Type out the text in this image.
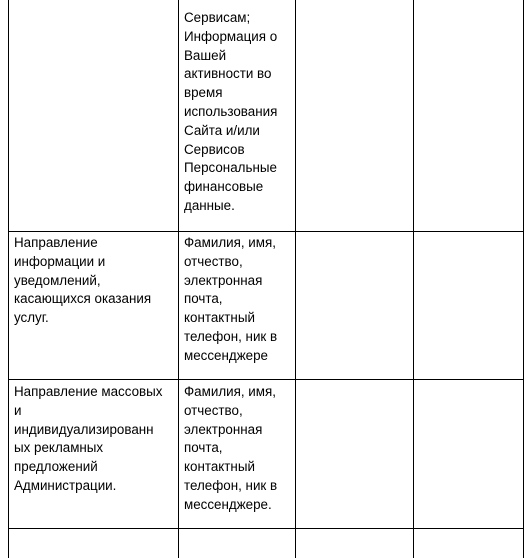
Сервисам;
Информация о
Вашей
активности во
время
использования
Сайта и/или
Сервисов
Персональные
финансовые
данные.
Направление
информации и
уведомлений,
касающихся оказания
услуг.
Фамилия, имя,
отчество,
электронная
почта,
контактный
телефон, ник в
мессенджере
Направление массовых
и
индивидуализированн
ых рекламных
предложений
Администрации.
Фамилия, имя,
отчество,
электронная
почта,
контактный
телефон, ник в
мессенджере.
